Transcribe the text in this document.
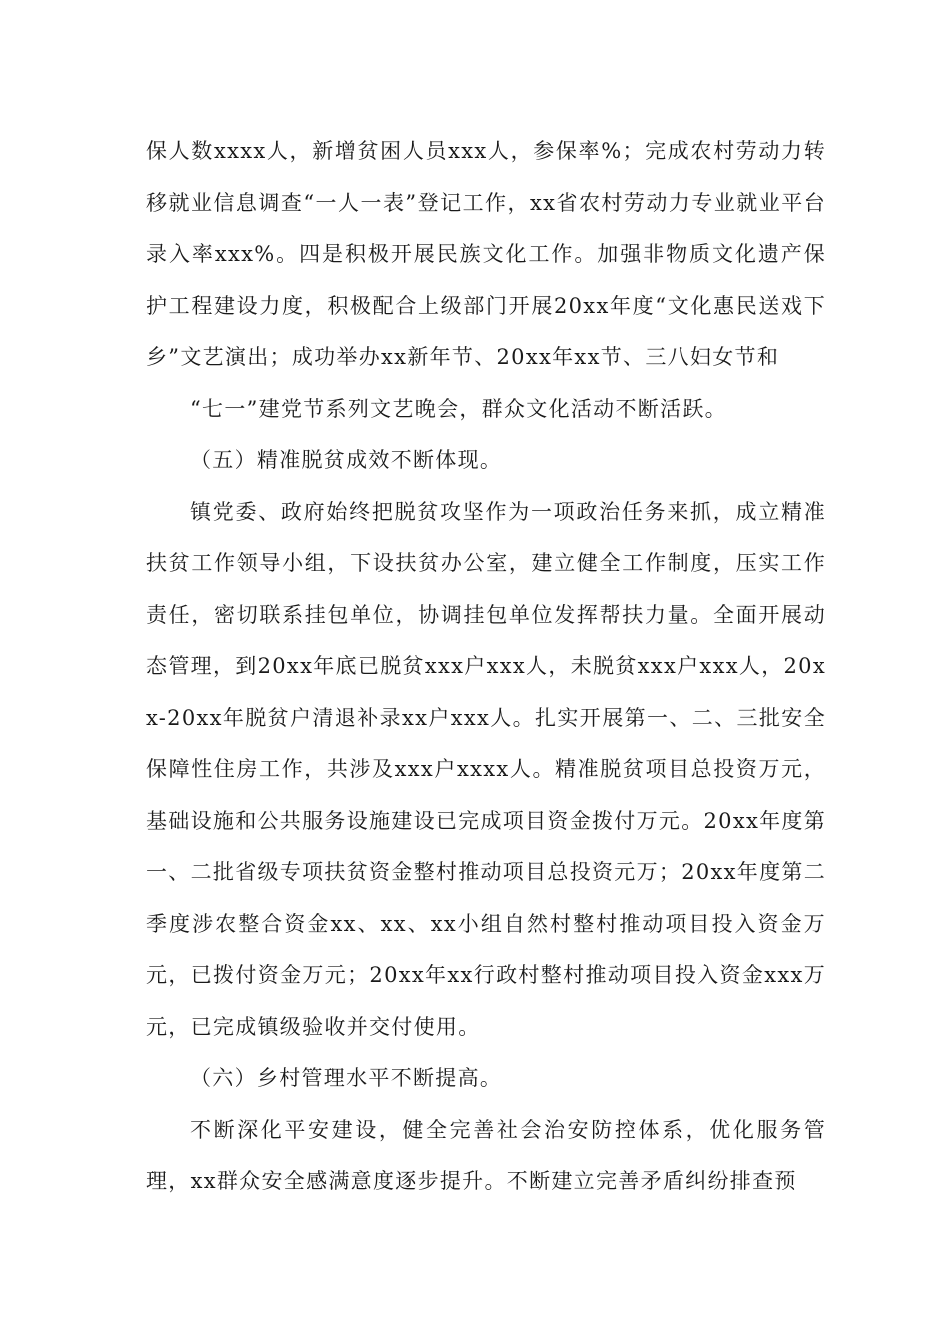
保人数xxxx人，新增贫困人员xxx人，参保率%；完成农村劳动力转移就业信息调查“一人一表”登记工作，xx省农村劳动力专业就业平台录入率xxx%。四是积极开展民族文化工作。加强非物质文化遗产保护工程建设力度，积极配合上级部门开展20xx年度“文化惠民送戏下乡”文艺演出；成功举办xx新年节、20xx年xx节、三八妇女节和

“七一”建党节系列文艺晚会，群众文化活动不断活跃。

（五）精准脱贫成效不断体现。

镇党委、政府始终把脱贫攻坚作为一项政治任务来抓，成立精准扶贫工作领导小组，下设扶贫办公室，建立健全工作制度，压实工作责任，密切联系挂包单位，协调挂包单位发挥帮扶力量。全面开展动态管理，到20xx年底已脱贫xxx户xxx人，未脱贫xxx户xxx人，20xx-20xx年脱贫户清退补录xx户xxx人。扎实开展第一、二、三批安全保障性住房工作，共涉及xxx户xxxx人。精准脱贫项目总投资万元，基础设施和公共服务设施建设已完成项目资金拨付万元。20xx年度第一、二批省级专项扶贫资金整村推动项目总投资元万；20xx年度第二季度涉农整合资金xx、xx、xx小组自然村整村推动项目投入资金万元，已拨付资金万元；20xx年xx行政村整村推动项目投入资金xxx万元，已完成镇级验收并交付使用。

（六）乡村管理水平不断提高。

不断深化平安建设，健全完善社会治安防控体系，优化服务管理，xx群众安全感满意度逐步提升。不断建立完善矛盾纠纷排查预
